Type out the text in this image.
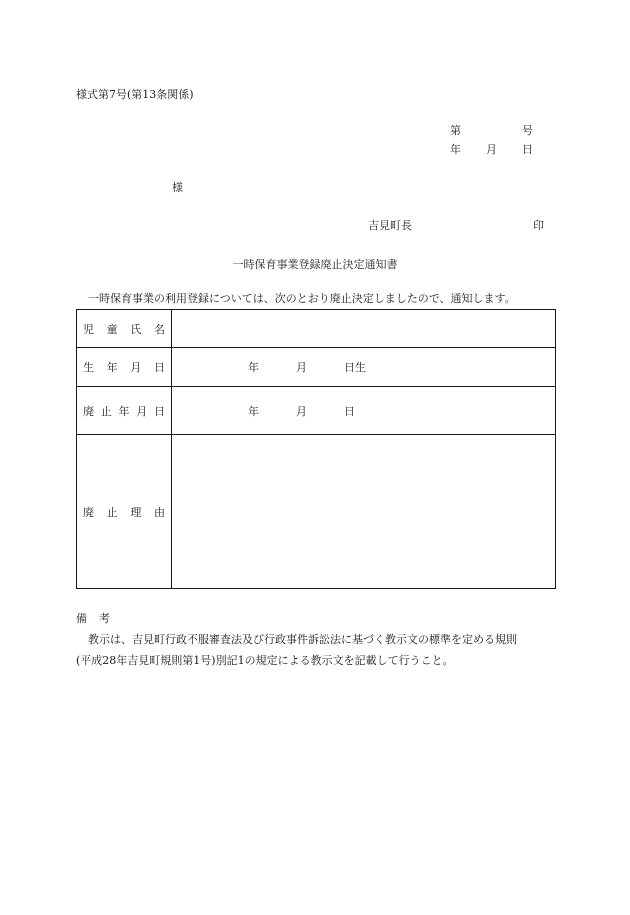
様式第7号(第13条関係)
第	号
年 月 日
様
吉見町長	印
一時保育事業登録廃止決定通知書
一時保育事業の利用登録については、次のとおり廃止決定しましたので、通知します。
児 童 氏 名	

生 年 月 日	年 月 日生

廃 止 年 月 日	年 月 日

廃 止 理 由	

備 考
教示は、吉見町行政不服審査法及び行政事件訴訟法に基づく教示文の標準を定める規則
(平成28年吉見町規則第1号)別記1の規定による教示文を記載して行うこと。
